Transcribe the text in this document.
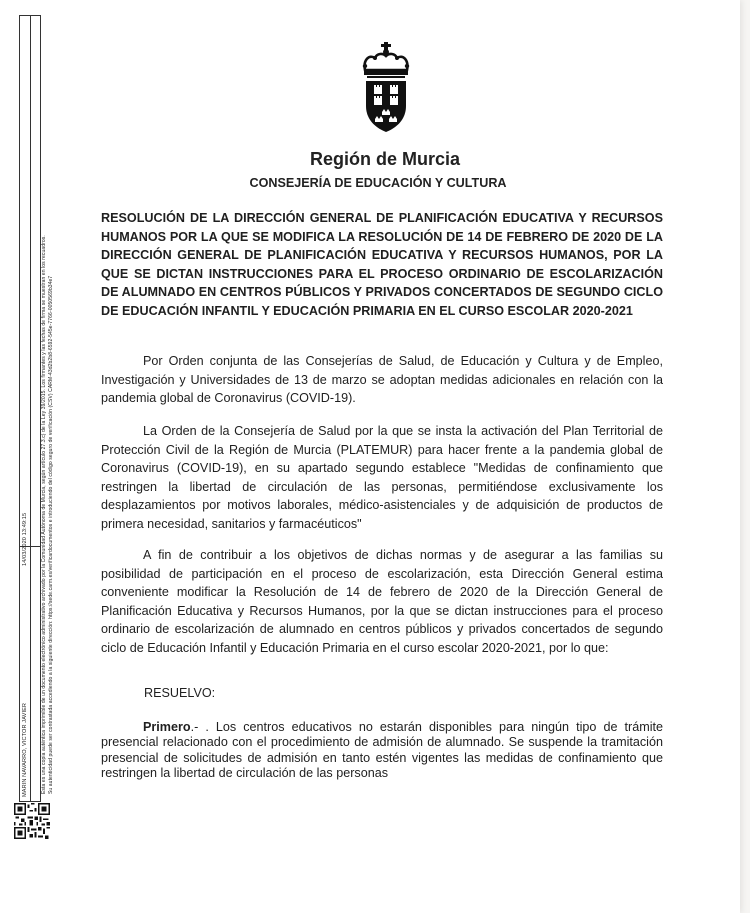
MARIN NAVARRO, VICTOR JAVIER
14/03/2020 13:49:15	Esta es una copia auténtica imprimible de un documento electrónico administrativo archivado por la Comunidad Autónoma de Murcia, según artículo 27.3.c) de la Ley 39/2015. Los firmantes y las fechas de firma se muestran en los recuadros. Su autenticidad puede ser contrastada accediendo a la siguiente dirección: https://sede.carm.es/verificardocumentos e introduciendo del código seguro de verificación (CSV) CARM-43d2b2b8-6592-545e-7766-0050569b34e7
Región de Murcia
CONSEJERÍA DE EDUCACIÓN Y CULTURA
RESOLUCIÓN DE LA DIRECCIÓN GENERAL DE PLANIFICACIÓN EDUCATIVA Y RECURSOS HUMANOS POR LA QUE SE MODIFICA LA RESOLUCIÓN DE 14 DE FEBRERO DE 2020 DE LA DIRECCIÓN GENERAL DE PLANIFICACIÓN EDUCATIVA Y RECURSOS HUMANOS, POR LA QUE SE DICTAN INSTRUCCIONES PARA EL PROCESO ORDINARIO DE ESCOLARIZACIÓN DE ALUMNADO EN CENTROS PÚBLICOS Y PRIVADOS CONCERTADOS DE SEGUNDO CICLO DE EDUCACIÓN INFANTIL Y EDUCACIÓN PRIMARIA EN EL CURSO ESCOLAR 2020-2021
Por Orden conjunta de las Consejerías de Salud, de Educación y Cultura y de Empleo, Investigación y Universidades de 13 de marzo se adoptan medidas adicionales en relación con la pandemia global de Coronavirus (COVID-19).
La Orden de la Consejería de Salud por la que se insta la activación del Plan Territorial de Protección Civil de la Región de Murcia (PLATEMUR) para hacer frente a la pandemia global de Coronavirus (COVID-19), en su apartado segundo establece "Medidas de confinamiento que restringen la libertad de circulación de las personas, permitiéndose exclusivamente los desplazamientos por motivos laborales, médico-asistenciales y de adquisición de productos de primera necesidad, sanitarios y farmacéuticos"
A fin de contribuir a los objetivos de dichas normas y de asegurar a las familias su posibilidad de participación en el proceso de escolarización, esta Dirección General estima conveniente modificar la Resolución de 14 de febrero de 2020 de la Dirección General de Planificación Educativa y Recursos Humanos, por la que se dictan instrucciones para el proceso ordinario de escolarización de alumnado en centros públicos y privados concertados de segundo ciclo de Educación Infantil y Educación Primaria en el curso escolar 2020-2021, por lo que:
RESUELVO:
Primero.- . Los centros educativos no estarán disponibles para ningún tipo de trámite presencial relacionado con el procedimiento de admisión de alumnado. Se suspende la tramitación presencial de solicitudes de admisión en tanto estén vigentes las medidas de confinamiento que restringen la libertad de circulación de las personas
